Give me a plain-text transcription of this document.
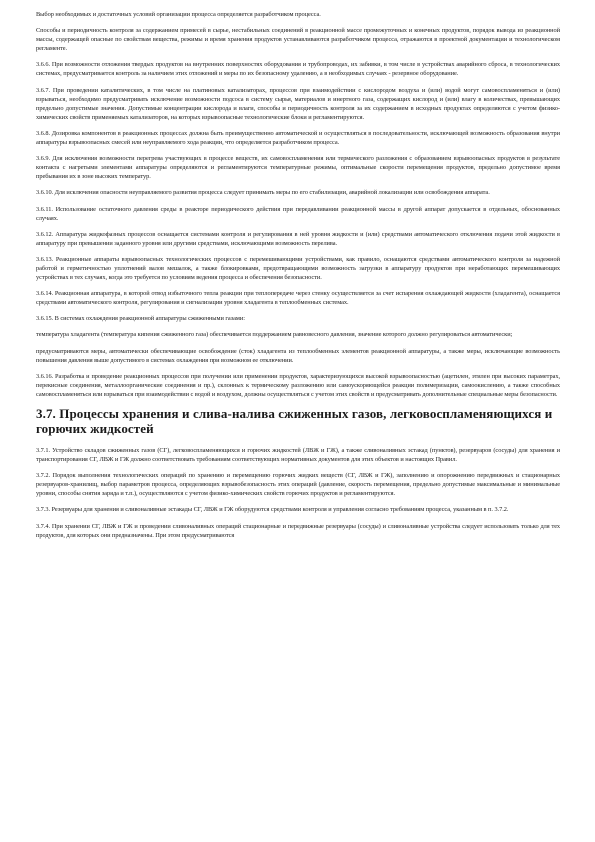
Выбор необходимых и достаточных условий организации процесса определяется разработчиком процесса.

Способы и периодичность контроля за содержанием примесей в сырье, нестабильных соединений в реакционной массе промежуточных и конечных продуктов, порядок вывода из реакционной массы, содержащей опасные по свойствам вещества, режимы и время хранения продуктов устанавливаются разработчиком процесса, отражаются в проектной документации и технологическом регламенте.

3.6.6. При возможности отложения твердых продуктов на внутренних поверхностях оборудования и трубопроводах, их забивки, в том числе в устройствах аварийного сброса, в технологических системах, предусматривается контроль за наличием этих отложений и меры по их безопасному удалению, а в необходимых случаях - резервное оборудование.

3.6.7. При проведении каталитических, в том числе на платиновых катализаторах, процессов при взаимодействии с кислородом воздуха и (или) водой могут самовоспламеняться и (или) взрываться, необходимо предусматривать исключение возможности подсоса в систему сырья, материалов и инертного газа, содержащих кислород и (или) влагу в количествах, превышающих предельно допустимые значения. Допустимые концентрации кислорода и влаги, способы и периодичность контроля за их содержанием в исходных продуктах определяются с учетом физико-химических свойств применяемых катализаторов, на которых взрывоопасные технологические блоки и регламентируются.

3.6.8. Дозировка компонентов в реакционных процессах должна быть преимущественно автоматической и осуществляться в последовательности, исключающей возможность образования внутри аппаратуры взрывоопасных смесей или неуправляемого хода реакции, что определяется разработчиком процесса.

3.6.9. Для исключения возможности перегрева участвующих в процессе веществ, их самовоспламенения или термического разложения с образованием взрывоопасных продуктов в результате контакта с нагретыми элементами аппаратуры определяются и регламентируются температурные режимы, оптимальные скорости перемещения продуктов, предельно допустимое время пребывания их в зоне высоких температур.

3.6.10. Для исключения опасности неуправляемого развития процесса следует принимать меры по его стабилизации, аварийной локализации или освобождения аппарата.

3.6.11. Использование остаточного давления среды в реакторе периодического действия при передавливании реакционной массы в другой аппарат допускается в отдельных, обоснованных случаях.

3.6.12. Аппаратура жидкофазных процессов оснащается системами контроля и регулирования в ней уровня жидкости и (или) средствами автоматического отключения подачи этой жидкости в аппаратуру при превышении заданного уровня или другими средствами, исключающими возможность перелива.

3.6.13. Реакционные аппараты взрывоопасных технологических процессов с перемешивающими устройствами, как правило, оснащаются средствами автоматического контроля за надежной работой и герметичностью уплотнений валов мешалок, а также блокировками, предотвращающими возможность загрузки в аппаратуру продуктов при неработающих перемешивающих устройствах в тех случаях, когда это требуется по условиям ведения процесса и обеспечения безопасности.

3.6.14. Реакционная аппаратура, в которой отвод избыточного тепла реакции при теплопередаче через стенку осуществляется за счет испарения охлаждающей жидкости (хладагента), оснащается средствами автоматического контроля, регулирования и сигнализации уровня хладагента в теплообменных системах.

3.6.15. В системах охлаждения реакционной аппаратуры сжиженными газами:

температура хладагента (температура кипения сжиженного газа) обеспечивается поддержанием равновесного давления, значение которого должно регулироваться автоматически;

предусматриваются меры, автоматически обеспечивающие освобождение (сток) хладагента из теплообменных элементов реакционной аппаратуры, а также меры, исключающие возможность повышения давления выше допустимого в системах охлаждения при возможном ее отключении.

3.6.16. Разработка и проведение реакционных процессов при получении или применении продуктов, характеризующихся высокой взрывоопасностью (ацетилен, этилен при высоких параметрах, перекисные соединения, металлоорганические соединения и пр.), склонных к термическому разложению или самоускоряющейся реакции полимеризации, самоокислению, а также способных самовоспламеняться или взрываться при взаимодействии с водой и воздухом, должны осуществляться с учетом этих свойств и предусматривать дополнительные специальные меры безопасности.

3.7. Процессы хранения и слива-налива сжиженных газов, легковоспламеняющихся и горючих жидкостей

3.7.1. Устройство складов сжиженных газов (СГ), легковоспламеняющихся и горючих жидкостей (ЛВЖ и ГЖ), а также сливоналивных эстакад (пунктов), резервуаров (сосуды) для хранения и транспортирования СГ, ЛВЖ и ГЖ должно соответствовать требованиям соответствующих нормативных документов для этих объектов и настоящих Правил.

3.7.2. Порядок выполнения технологических операций по хранению и перемещению горючих жидких веществ (СГ, ЛВЖ и ГЖ), заполнению и опорожнению передвижных и стационарных резервуаров-хранилищ, выбор параметров процесса, определяющих взрывобезопасность этих операций (давление, скорость перемещения, предельно допустимые максимальные и минимальные уровни, способы снятия заряда и т.п.), осуществляются с учетом физико-химических свойств горючих продуктов и регламентируются.

3.7.3. Резервуары для хранения и сливоналивные эстакады СГ, ЛВЖ и ГЖ оборудуются средствами контроля и управления согласно требованиям процесса, указанным в п. 3.7.2.

3.7.4. При хранении СГ, ЛВЖ и ГЖ и проведении сливоналивных операций стационарные и передвижные резервуары (сосуды) и сливоналивные устройства следует использовать только для тех продуктов, для которых они предназначены. При этом предусматриваются
